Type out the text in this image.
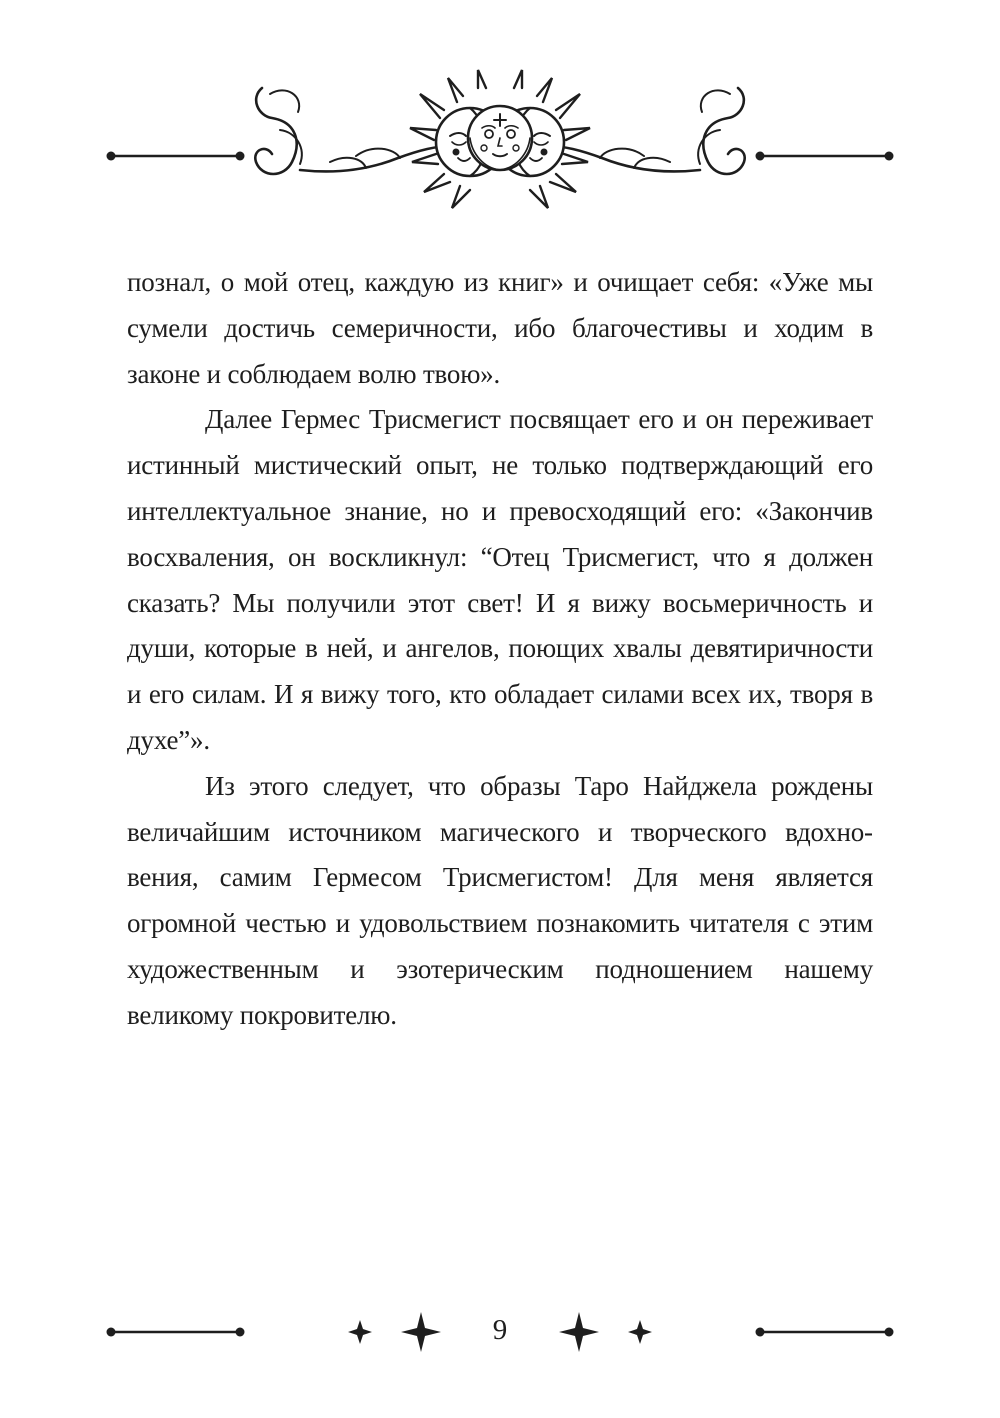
познал, о мой отец, каждую из книг» и очищает себя: «Уже мы сумели достичь семеричности, ибо благочестивы и ходим в законе и соблюдаем волю твою».

Далее Гермес Трисмегист посвящает его и он переживает истинный мистический опыт, не только подтверждающий его интеллектуальное знание, но и превосходящий его: «Закончив восхваления, он воскликнул: “Отец Трисмегист, что я должен сказать? Мы получили этот свет! И я вижу восьмеричность и души, которые в ней, и ангелов, поющих хвалы девятиричности и его силам. И я вижу того, кто обладает силами всех их, творя в духе”».

Из этого следует, что образы Таро Найджела рождены величайшим источником магического и творческого вдохновения, самим Гермесом Трисмегистом! Для меня является огромной честью и удовольствием познакомить читателя с этим художественным и эзотерическим подношением нашему великому покровителю.

9
